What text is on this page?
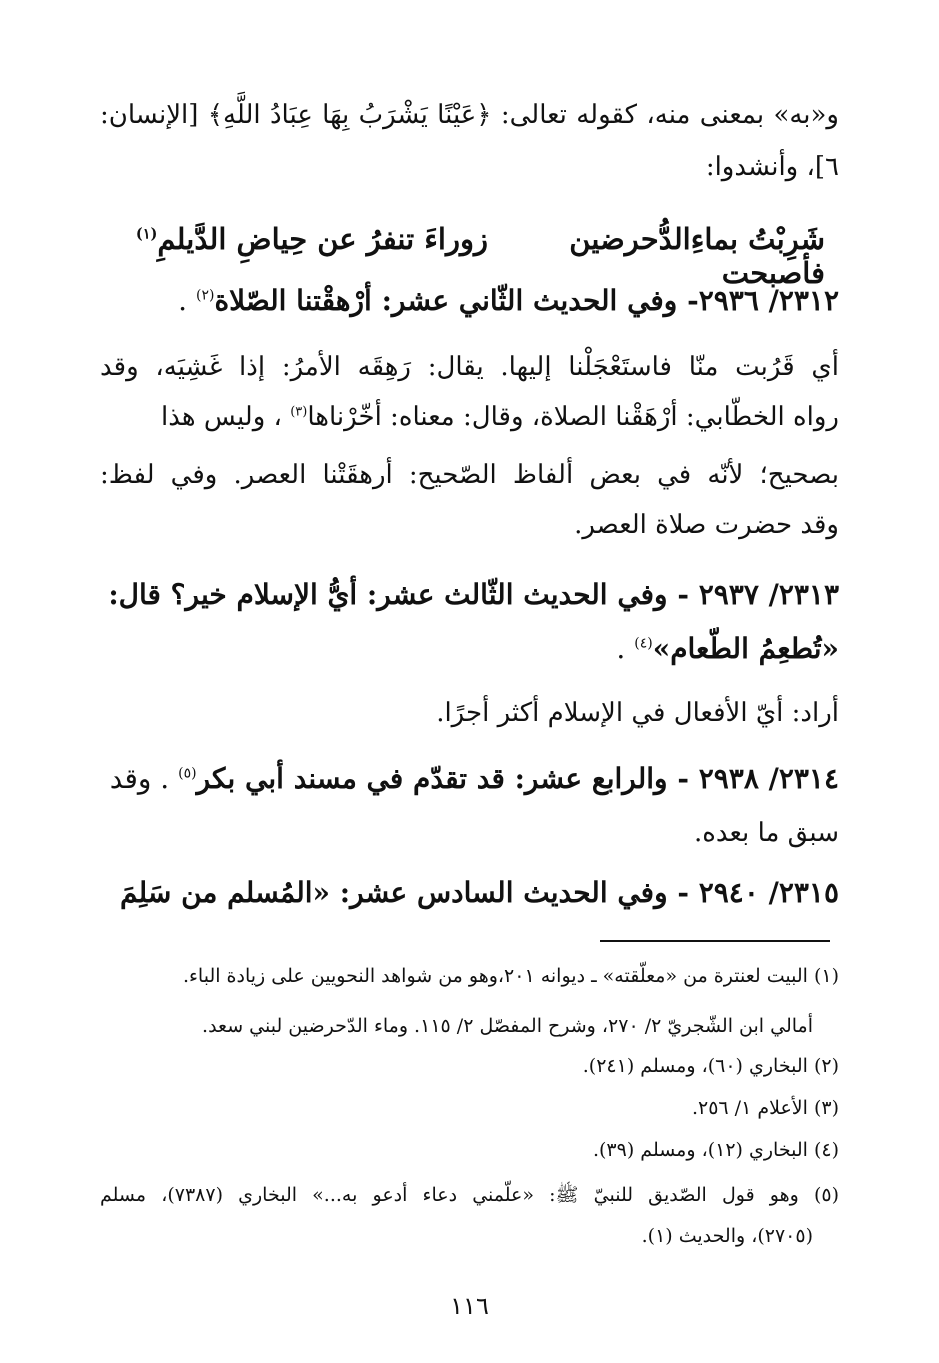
و«به» بمعنى منه، كقوله تعالى: ﴿عَيْنًا يَشْرَبُ بِهَا عِبَادُ اللَّهِ﴾ [الإنسان:
٦]، وأنشدوا:
شَرِبْتُ بماءِالدُّحرضين فأصبحت
زوراءَ تنفرُ عن حِياضِ الدَّيلمِ$^{(١)}$
٢٣١٢/ ٢٩٣٦- وفي الحديث الثّاني عشر: أرْهقْتنا الصّلاة$^{(٢)}$ .
أي قَرُبت منّا فاستَعْجَلْنا إليها. يقال: رَهِقَه الأمرُ: إذا غَشِيَه، وقد
رواه الخطّابي: أرْهَقْنا الصلاة، وقال: معناه: أخّرْناها$^{(٣)}$ ، وليس هذا
بصحيح؛ لأنّه في بعض ألفاظ الصّحيح: أرهقَتْنا العصر. وفي لفظ:
وقد حضرت صلاة العصر.
٢٣١٣/ ٢٩٣٧ - وفي الحديث الثّالث عشر: أيُّ الإسلام خير؟ قال:
«تُطعِمُ الطّعام»$^{(٤)}$ .
أراد: أيّ الأفعال في الإسلام أكثر أجرًا.
٢٣١٤/ ٢٩٣٨ - والرابع عشر: قد تقدّم في مسند أبي بكر$^{(٥)}$ . وقد
سبق ما بعده.
٢٣١٥/ ٢٩٤٠ - وفي الحديث السادس عشر: «المُسلم من سَلِمَ
(١) البيت لعنترة من «معلّقته» ـ ديوانه ٢٠١،وهو من شواهد النحويين على زيادة الباء.
أمالي ابن الشّجريّ ٢/ ٢٧٠، وشرح المفصّل ٢/ ١١٥. وماء الدّحرضين لبني سعد.
(٢) البخاري (٦٠)، ومسلم (٢٤١).
(٣) الأعلام ١/ ٢٥٦.
(٤) البخاري (١٢)، ومسلم (٣٩).
(٥) وهو قول الصّديق للنبيّ ﷺ: «علّمني دعاء أدعو به...» البخاري (٧٣٨٧)، مسلم
(٢٧٠٥)، والحديث (١).
١١٦
